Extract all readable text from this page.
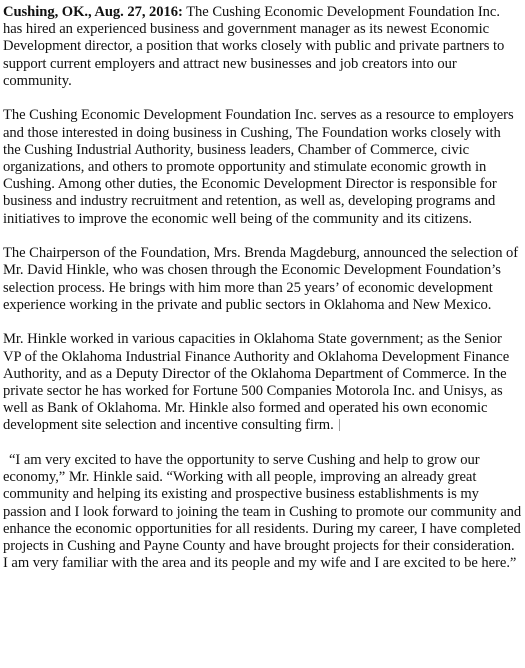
Cushing, OK., Aug. 27, 2016: The Cushing Economic Development Foundation Inc. has hired an experienced business and government manager as its newest Economic Development director, a position that works closely with public and private partners to support current employers and attract new businesses and job creators into our community.

The Cushing Economic Development Foundation Inc. serves as a resource to employers and those interested in doing business in Cushing, The Foundation works closely with the Cushing Industrial Authority, business leaders, Chamber of Commerce, civic organizations, and others to promote opportunity and stimulate economic growth in Cushing. Among other duties, the Economic Development Director is responsible for business and industry recruitment and retention, as well as, developing programs and initiatives to improve the economic well being of the community and its citizens.

The Chairperson of the Foundation, Mrs. Brenda Magdeburg, announced the selection of Mr. David Hinkle, who was chosen through the Economic Development Foundation’s selection process. He brings with him more than 25 years’ of economic development experience working in the private and public sectors in Oklahoma and New Mexico.

Mr. Hinkle worked in various capacities in Oklahoma State government; as the Senior VP of the Oklahoma Industrial Finance Authority and Oklahoma Development Finance Authority, and as a Deputy Director of the Oklahoma Department of Commerce. In the private sector he has worked for Fortune 500 Companies Motorola Inc. and Unisys, as well as Bank of Oklahoma. Mr. Hinkle also formed and operated his own economic development site selection and incentive consulting firm.

“I am very excited to have the opportunity to serve Cushing and help to grow our economy,” Mr. Hinkle said. “Working with all people, improving an already great community and helping its existing and prospective business establishments is my passion and I look forward to joining the team in Cushing to promote our community and enhance the economic opportunities for all residents. During my career, I have completed projects in Cushing and Payne County and have brought projects for their consideration. I am very familiar with the area and its people and my wife and I are excited to be here.”
